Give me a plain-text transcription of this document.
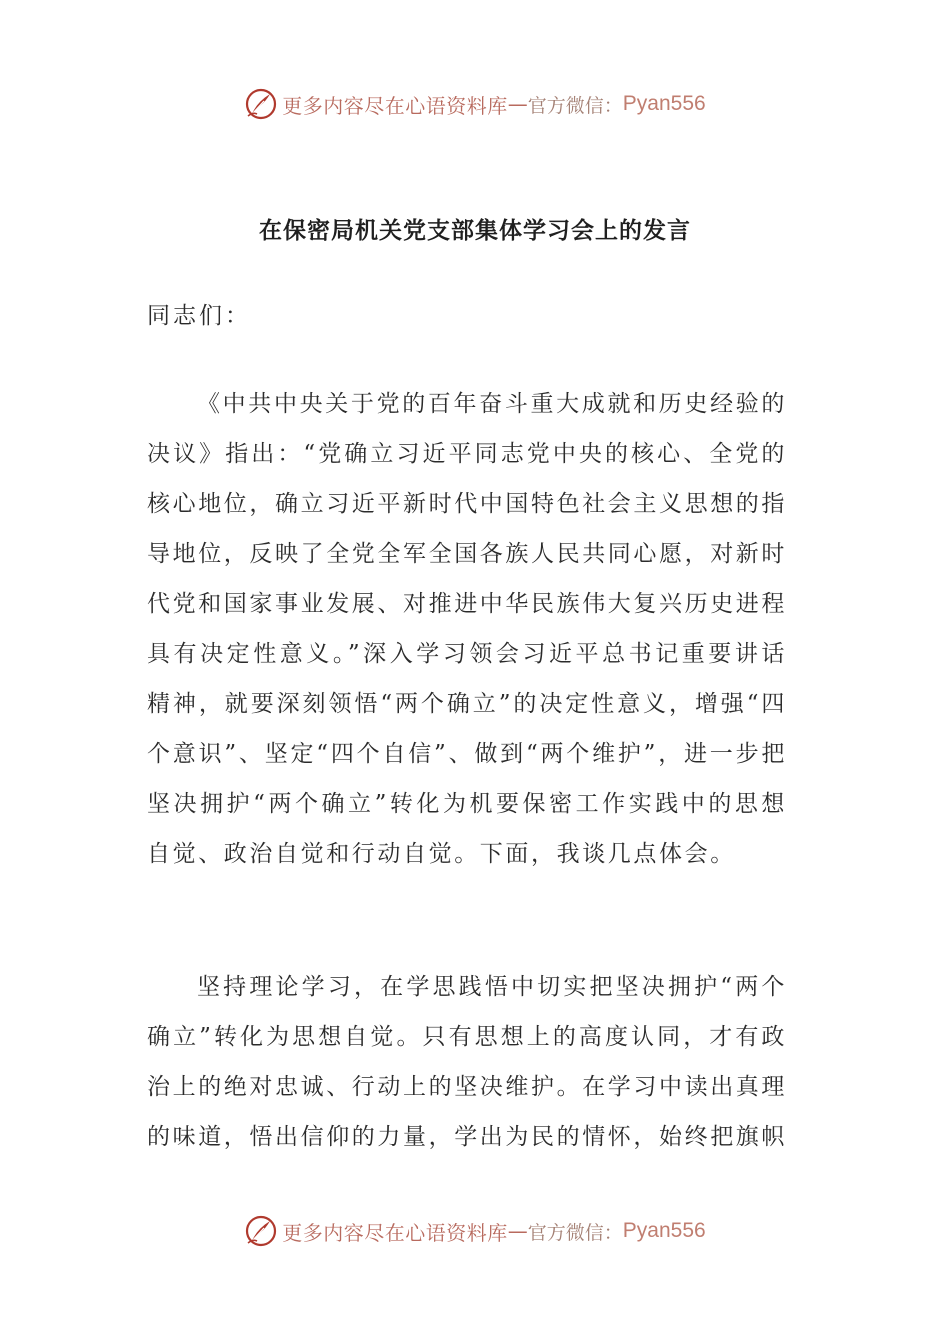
更多内容尽在心语资料库 — 官方微信： Pyan556
在保密局机关党支部集体学习会上的发言
同志们：

《中共中央关于党的百年奋斗重大成就和历史经验的决议》指出：“党确立习近平同志党中央的核心、全党的核心地位，确立习近平新时代中国特色社会主义思想的指导地位，反映了全党全军全国各族人民共同心愿，对新时代党和国家事业发展、对推进中华民族伟大复兴历史进程具有决定性意义。”深入学习领会习近平总书记重要讲话精神，就要深刻领悟“两个确立”的决定性意义，增强“四个意识”、坚定“四个自信”、做到“两个维护”，进一步把坚决拥护“两个确立”转化为机要保密工作实践中的思想自觉、政治自觉和行动自觉。下面，我谈几点体会。

坚持理论学习，在学思践悟中切实把坚决拥护“两个确立”转化为思想自觉。只有思想上的高度认同，才有政治上的绝对忠诚、行动上的坚决维护。在学习中读出真理的味道，悟出信仰的力量，学出为民的情怀，始终把旗帜

更多内容尽在心语资料库 — 官方微信： Pyan556
